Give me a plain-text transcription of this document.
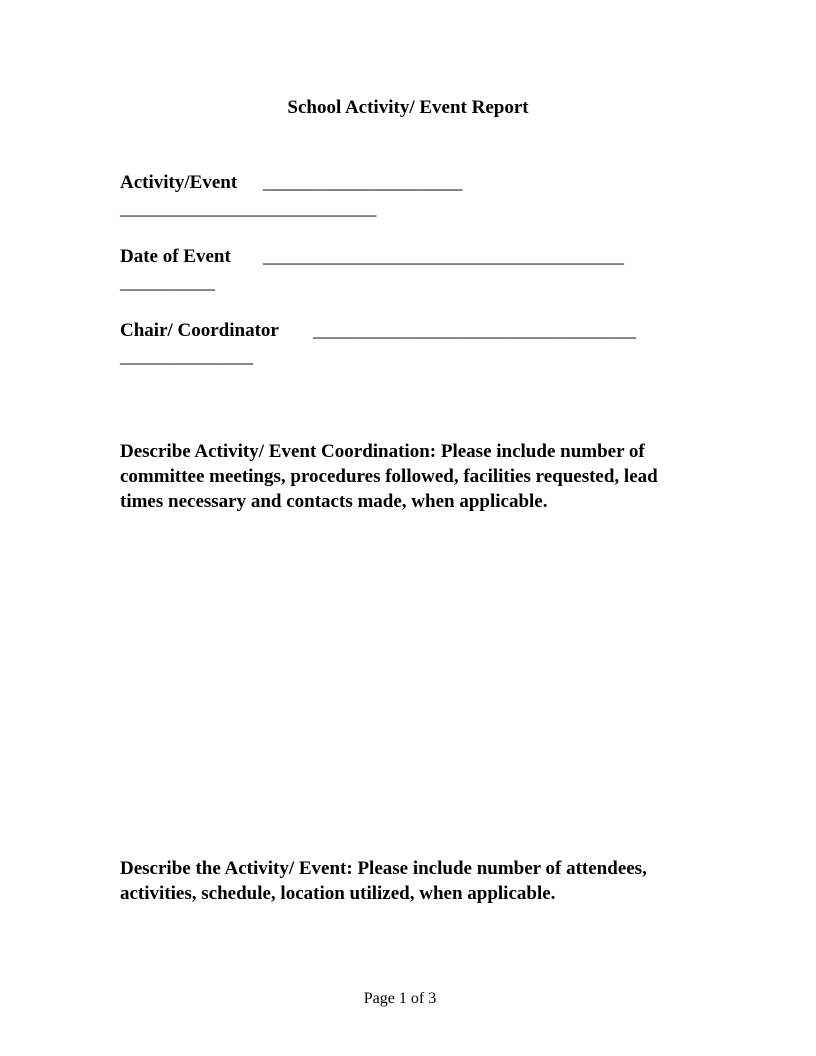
School Activity/ Event Report
Activity/Event _____________________
___________________________
Date of Event ______________________________________
__________
Chair/ Coordinator __________________________________
______________
Describe Activity/ Event Coordination: Please include number of committee meetings, procedures followed, facilities requested, lead times necessary and contacts made, when applicable.
Describe the Activity/ Event: Please include number of attendees, activities, schedule, location utilized, when applicable.
Page 1 of 3
